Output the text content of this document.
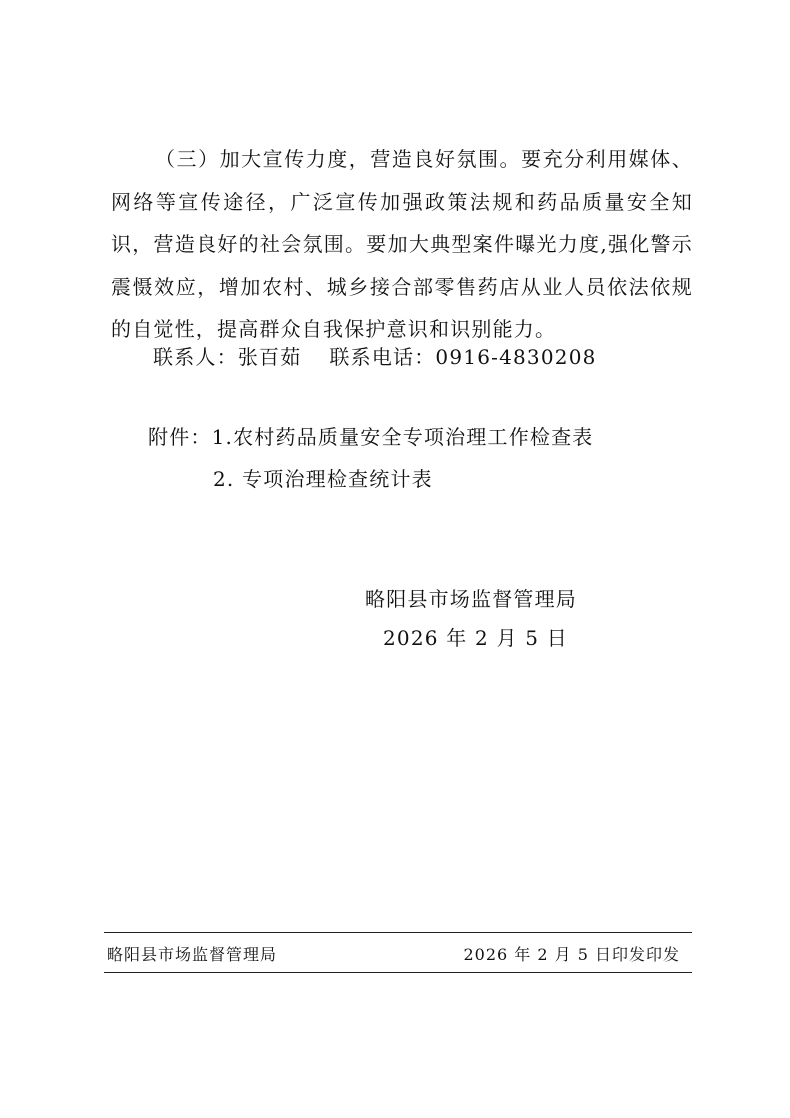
（三）加大宣传力度，营造良好氛围。要充分利用媒体、网络等宣传途径，广泛宣传加强政策法规和药品质量安全知识，营造良好的社会氛围。要加大典型案件曝光力度,强化警示震慑效应，增加农村、城乡接合部零售药店从业人员依法依规的自觉性，提高群众自我保护意识和识别能力。

联系人：张百茹 联系电话：0916-4830208
附件：1.农村药品质量安全专项治理工作检查表
2. 专项治理检查统计表
略阳县市场监督管理局
2026 年 2 月 5 日
略阳县市场监督管理局	2026 年 2 月 5 日印发印发
